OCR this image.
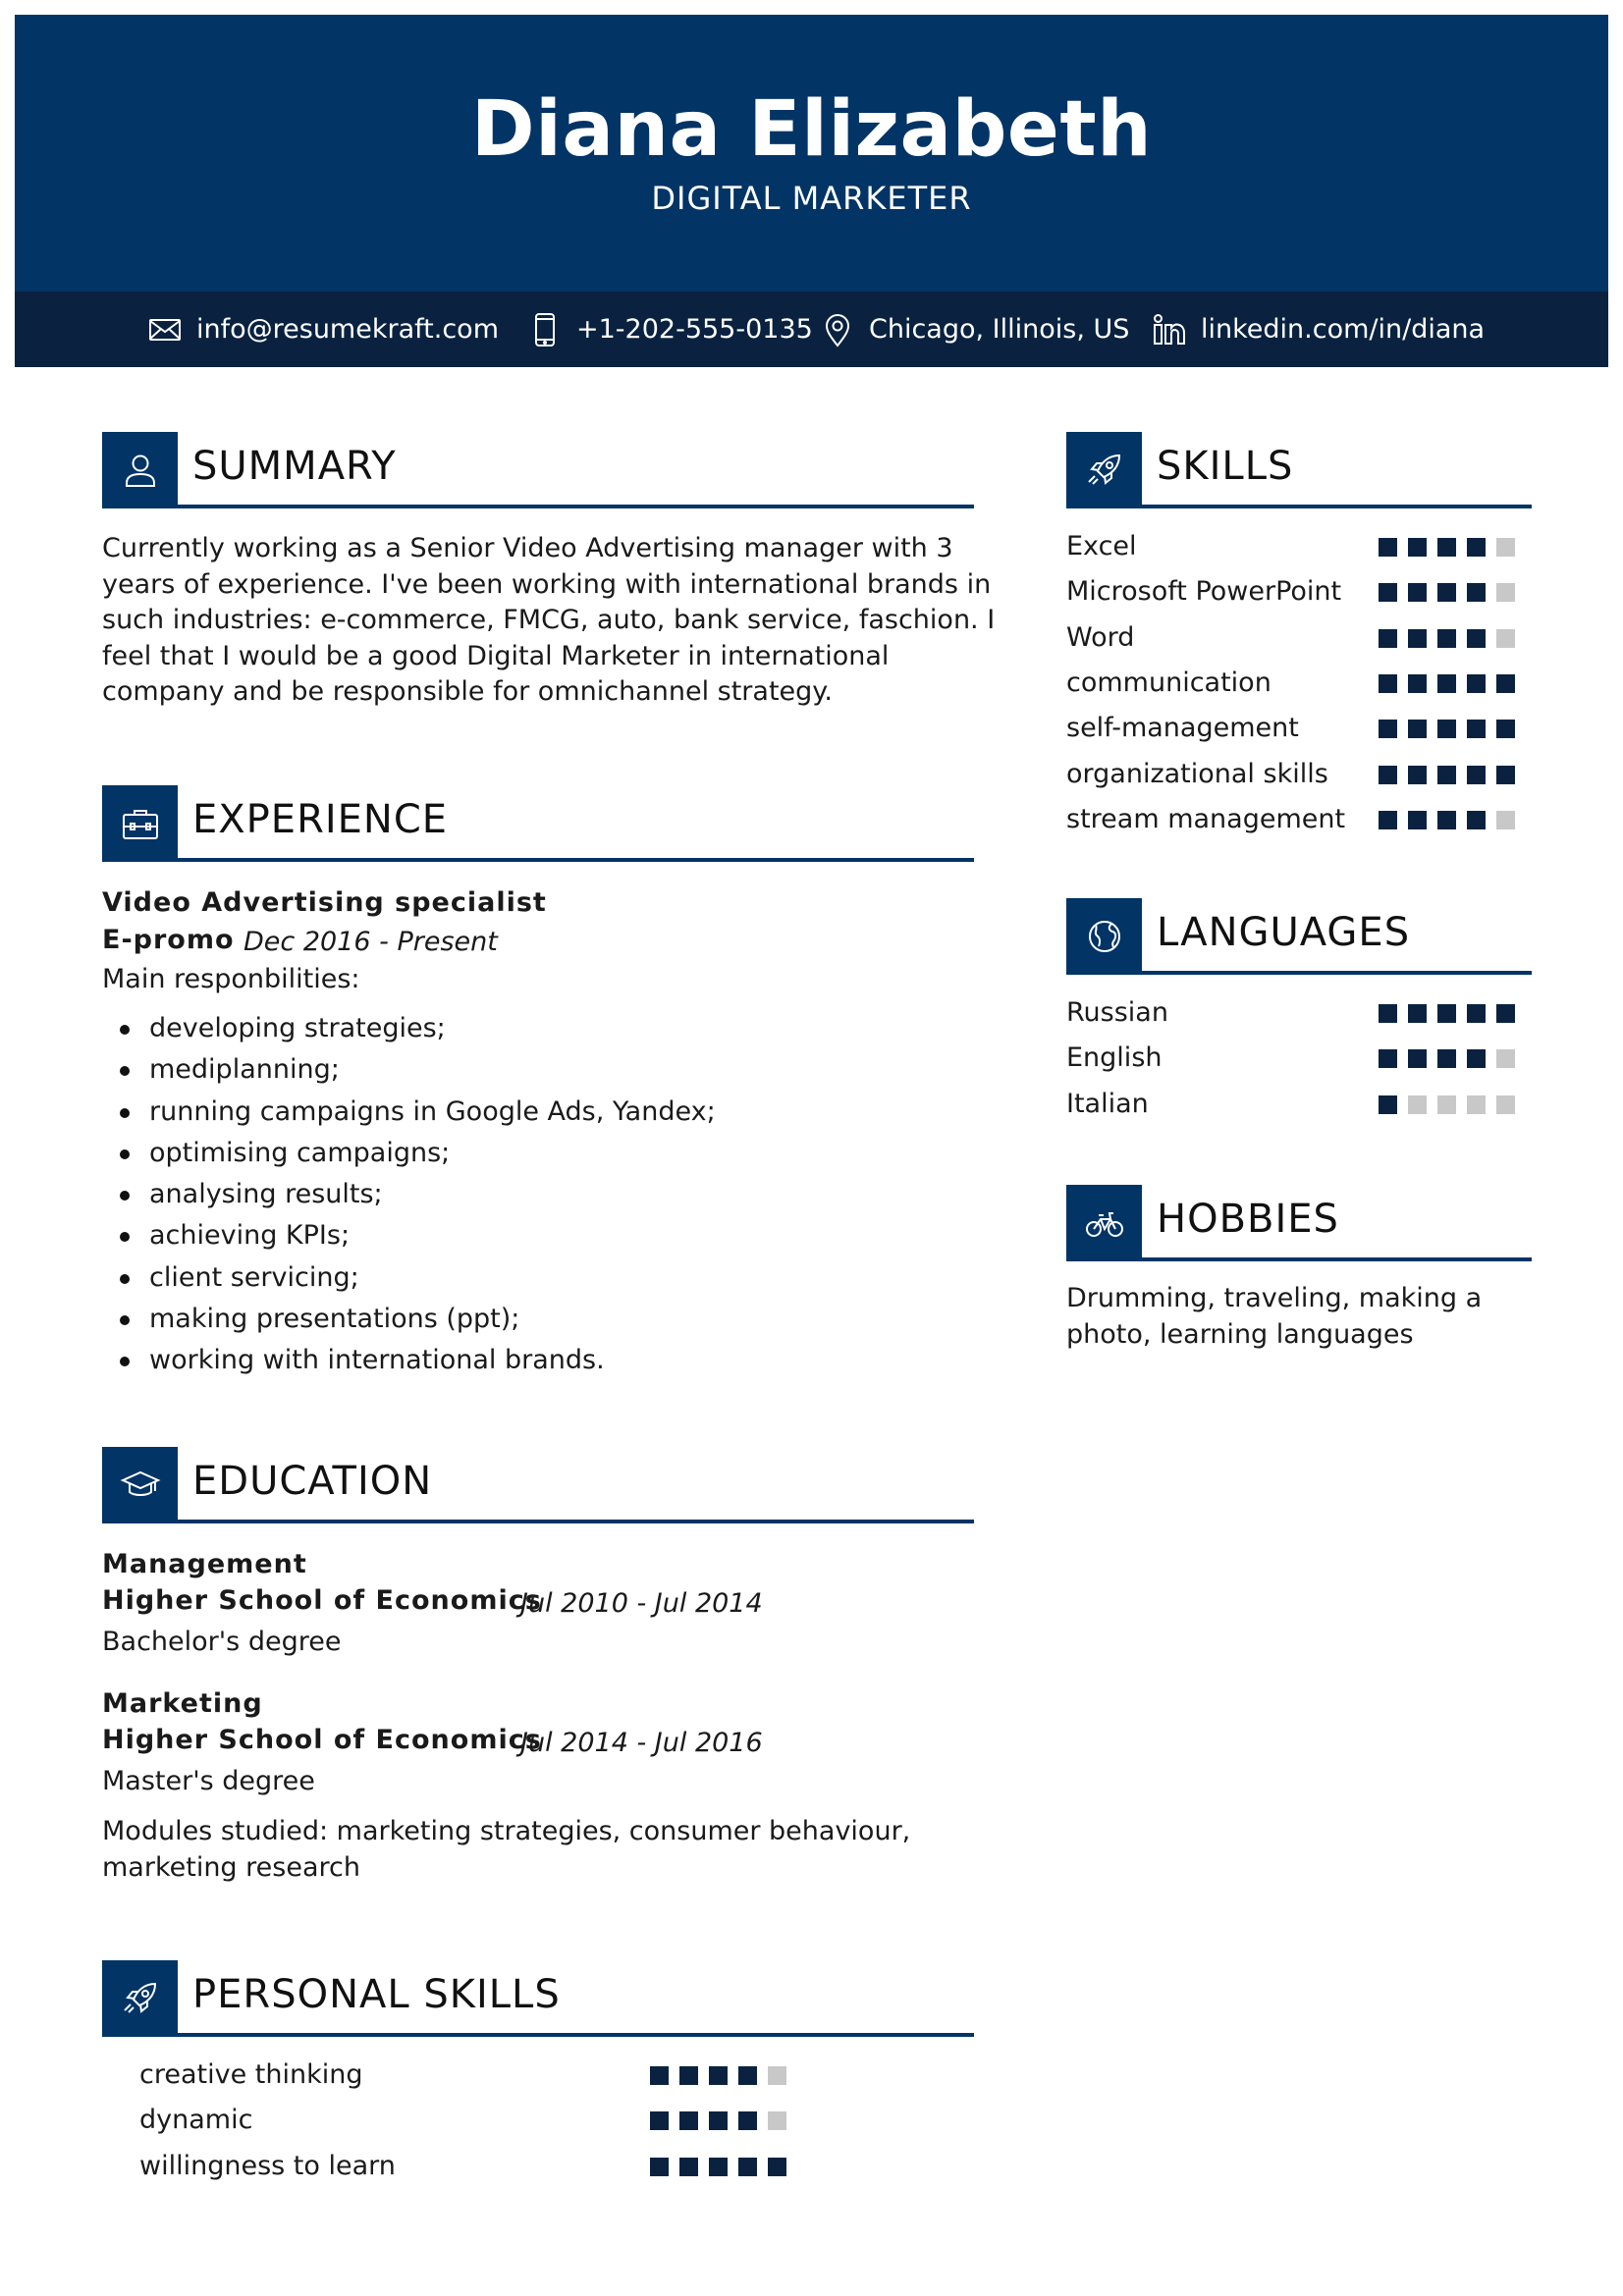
Diana Elizabeth
DIGITAL MARKETER
info@resumekraft.com	+1-202-555-0135 Chicago, Illinois, US	linkedin.com/in/diana
SUMMARY
Currently working as a Senior Video Advertising manager with 3
years of experience. I've been working with international brands in
such industries: e-commerce, FMCG, auto, bank service, faschion. I
feel that I would be a good Digital Marketer in international
company and be responsible for omnichannel strategy.
EXPERIENCE
Video Advertising specialist
E-promo Dec 2016 - Present
Main responbilities:
developing strategies;
mediplanning;
running campaigns in Google Ads, Yandex;
optimising campaigns;
analysing results;
achieving KPIs;
client servicing;
making presentations (ppt);
working with international brands.
EDUCATION
Management
Higher School of Economics
Jul 2010 - Jul 2014
Bachelor's degree
Marketing
Higher School of Economics
Jul 2014 - Jul 2016
Master's degree
Modules studied: marketing strategies, consumer behaviour,
marketing research
PERSONAL SKILLS
creative thinking
dynamic
willingness to learn
SKILLS
Excel
Microsoft PowerPoint
Word
communication
self-management
organizational skills
stream management
LANGUAGES
Russian
English
Italian
HOBBIES
Drumming, traveling, making a
photo, learning languages
